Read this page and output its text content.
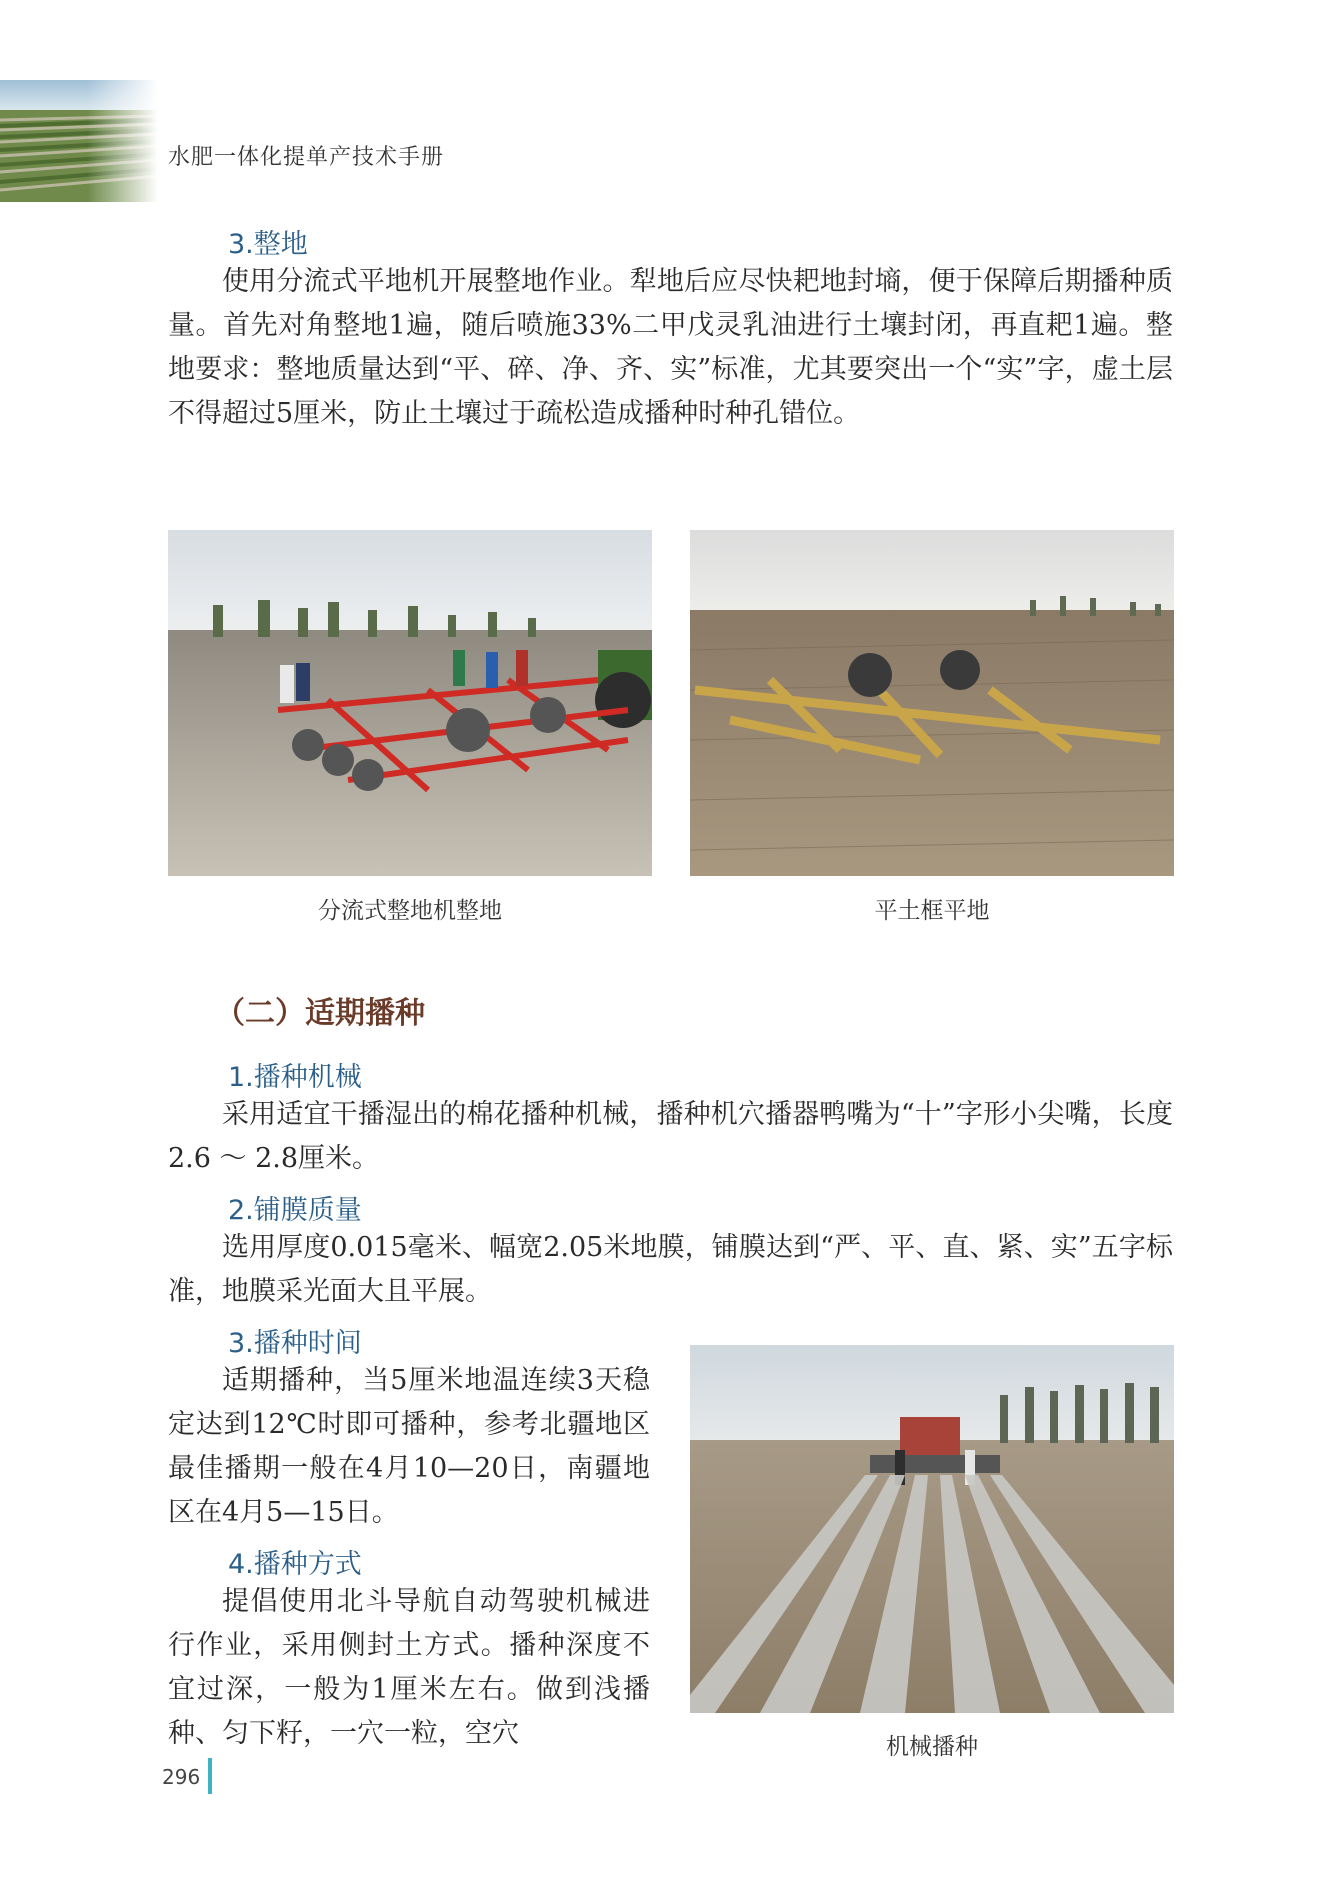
水肥一体化提单产技术手册
3.整地

使用分流式平地机开展整地作业。犁地后应尽快耙地封墒，便于保障后期播种质量。首先对角整地1遍，随后喷施33%二甲戊灵乳油进行土壤封闭，再直耙1遍。整地要求：整地质量达到“平、碎、净、齐、实”标准，尤其要突出一个“实”字，虚土层不得超过5厘米，防止土壤过于疏松造成播种时种孔错位。

分流式整地机整地	平土框平地
（二）适期播种
1.播种机械

采用适宜干播湿出的棉花播种机械，播种机穴播器鸭嘴为“十”字形小尖嘴，长度2.6 ～ 2.8厘米。

2.铺膜质量

选用厚度0.015毫米、幅宽2.05米地膜，铺膜达到“严、平、直、紧、实”五字标准，地膜采光面大且平展。

3.播种时间

适期播种，当5厘米地温连续3天稳定达到12℃时即可播种，参考北疆地区最佳播期一般在4月10—20日，南疆地区在4月5—15日。

4.播种方式

提倡使用北斗导航自动驾驶机械进行作业，采用侧封土方式。播种深度不宜过深，一般为1厘米左右。做到浅播种、匀下籽，一穴一粒，空穴	机械播种
296
